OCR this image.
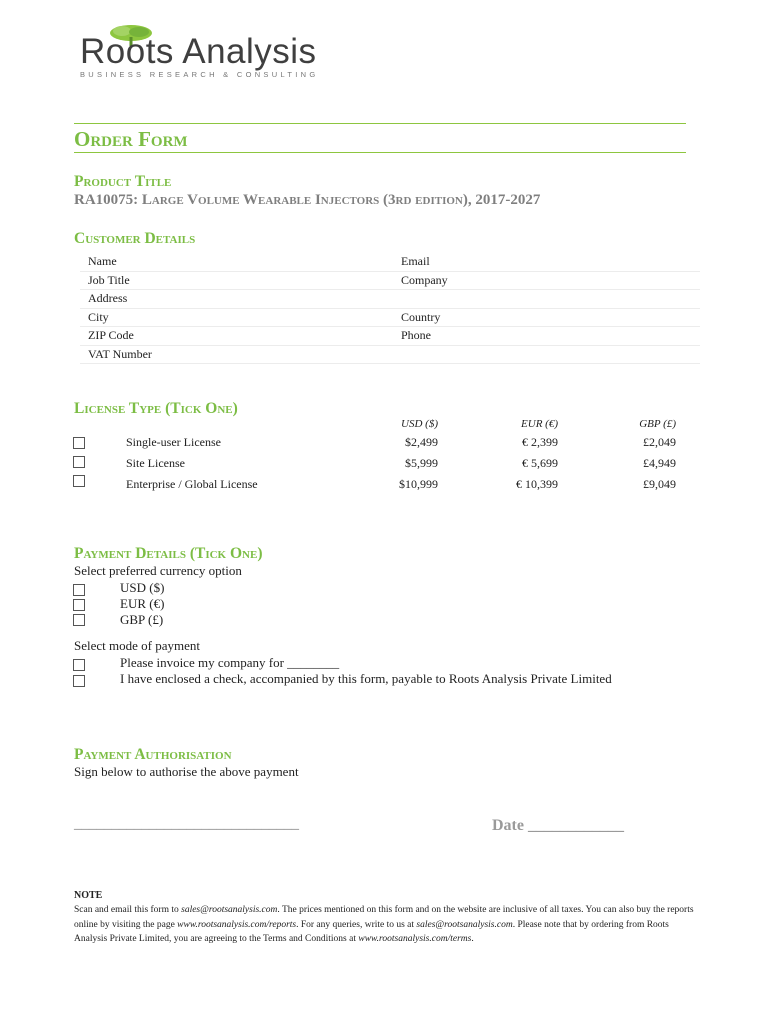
Roots Analysis
BUSINESS RESEARCH & CONSULTING
Order Form
Product Title
RA10075: Large Volume Wearable Injectors (3rd edition), 2017-2027
Customer Details
Name	Email
Job Title	Company
Address
City	Country
ZIP Code	Phone
VAT Number
License Type (Tick One)
USD ($)	EUR (€)	GBP (£)
Single-user License	$2,499	€ 2,399	£2,049
Site License	$5,999	€ 5,699	£4,949
Enterprise / Global License	$10,999	€ 10,399	£9,049
Payment Details (Tick One)
Select preferred currency option
USD ($)
EUR (€)
GBP (£)
Select mode of payment
Please invoice my company for ________
I have enclosed a check, accompanied by this form, payable to Roots Analysis Private Limited
Payment Authorisation
Sign below to authorise the above payment
______________________________	Date ____________
NOTE
Scan and email this form to sales@rootsanalysis.com. The prices mentioned on this form and on the website are inclusive of all taxes. You can also buy the reports online by visiting the page www.rootsanalysis.com/reports. For any queries, write to us at sales@rootsanalysis.com. Please note that by ordering from Roots Analysis Private Limited, you are agreeing to the Terms and Conditions at www.rootsanalysis.com/terms.
